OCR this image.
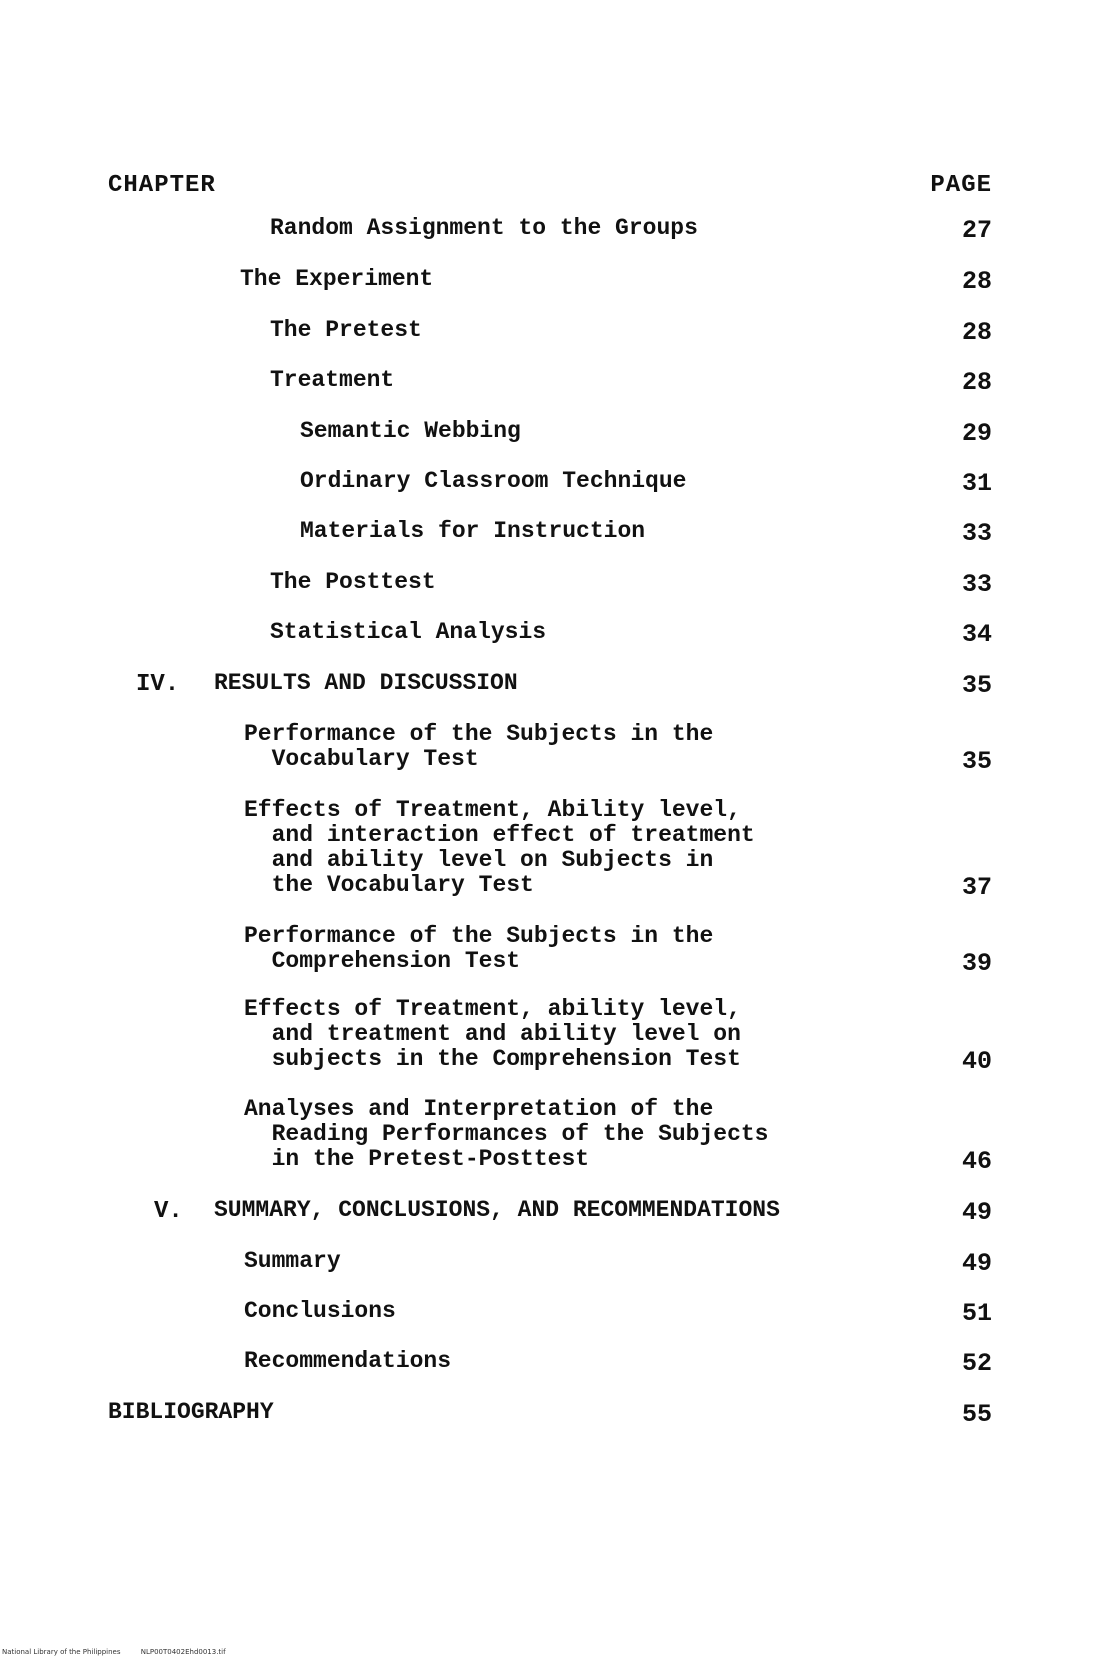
CHAPTER	PAGE
Random Assignment to the Groups	27
The Experiment	28
The Pretest	28
Treatment	28
Semantic Webbing	29
Ordinary Classroom Technique	31
Materials for Instruction	33
The Posttest	33
Statistical Analysis	34
IV. RESULTS AND DISCUSSION	35
Performance of the Subjects in the
Vocabulary Test	35
Effects of Treatment, Ability level,
and interaction effect of treatment
and ability level on Subjects in
the Vocabulary Test	37
Performance of the Subjects in the
Comprehension Test	39
Effects of Treatment, ability level,
and treatment and ability level on
subjects in the Comprehension Test	40
Analyses and Interpretation of the
Reading Performances of the Subjects
in the Pretest-Posttest	46
V. SUMMARY, CONCLUSIONS, AND RECOMMENDATIONS	49
Summary	49
Conclusions	51
Recommendations	52
BIBLIOGRAPHY	55
National Library of the Philippines	NLP00T0402Ehd0013.tif
